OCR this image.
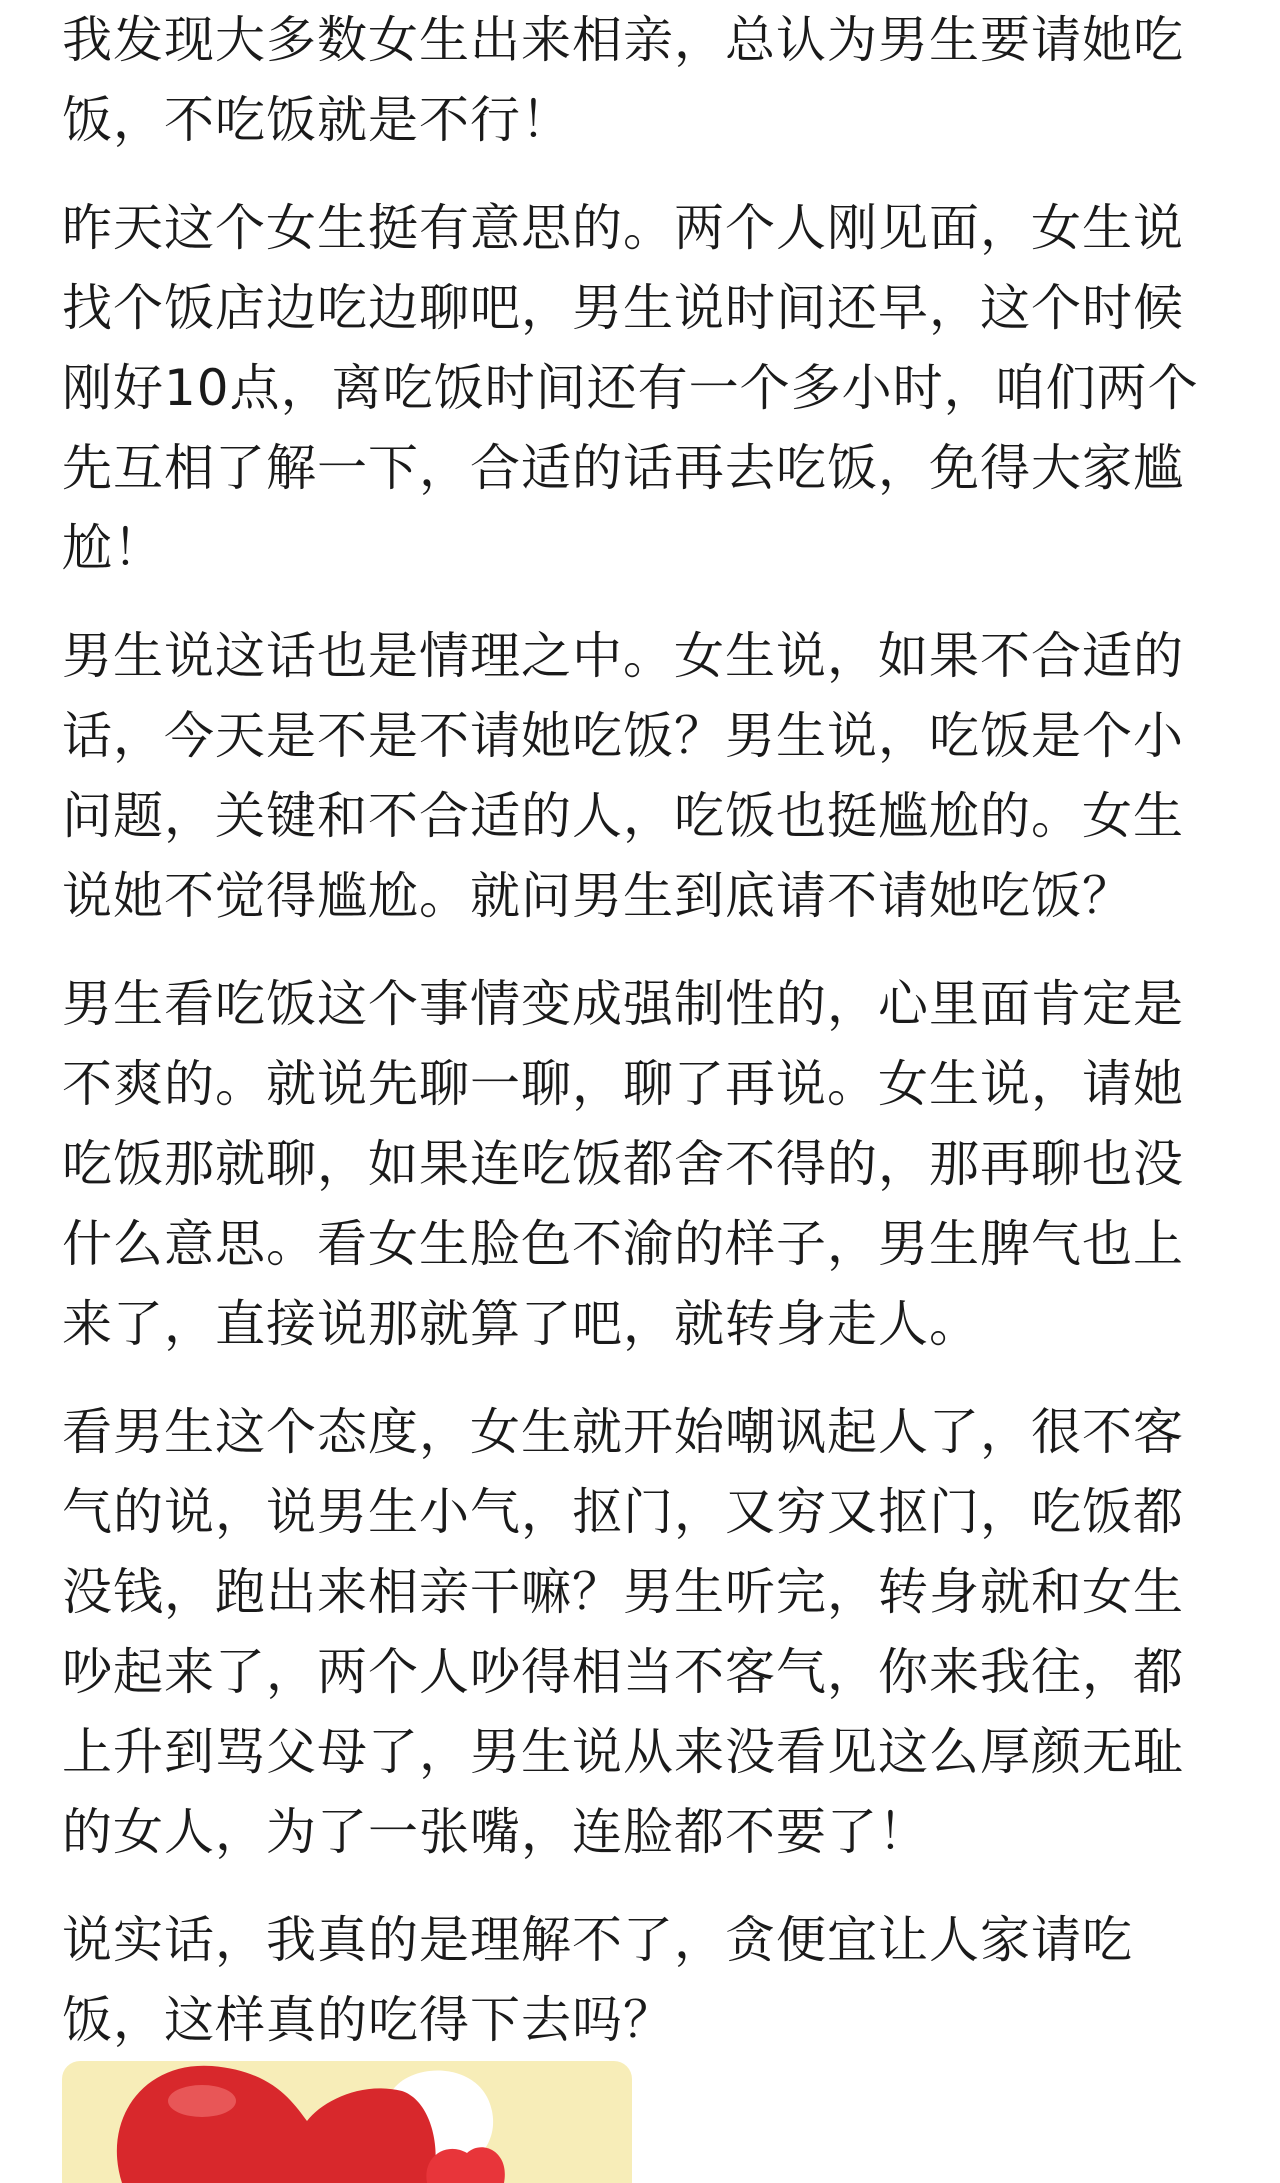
我发现大多数女生出来相亲，总认为男生要请她吃
饭，不吃饭就是不行！

昨天这个女生挺有意思的。两个人刚见面，女生说
找个饭店边吃边聊吧，男生说时间还早，这个时候
刚好10点，离吃饭时间还有一个多小时，咱们两个
先互相了解一下，合适的话再去吃饭，免得大家尴
尬！

男生说这话也是情理之中。女生说，如果不合适的
话，今天是不是不请她吃饭？男生说，吃饭是个小
问题，关键和不合适的人，吃饭也挺尴尬的。女生
说她不觉得尴尬。就问男生到底请不请她吃饭？

男生看吃饭这个事情变成强制性的，心里面肯定是
不爽的。就说先聊一聊，聊了再说。女生说，请她
吃饭那就聊，如果连吃饭都舍不得的，那再聊也没
什么意思。看女生脸色不渝的样子，男生脾气也上
来了，直接说那就算了吧，就转身走人。

看男生这个态度，女生就开始嘲讽起人了，很不客
气的说，说男生小气，抠门，又穷又抠门，吃饭都
没钱，跑出来相亲干嘛？男生听完，转身就和女生
吵起来了，两个人吵得相当不客气，你来我往，都
上升到骂父母了，男生说从来没看见这么厚颜无耻
的女人，为了一张嘴，连脸都不要了！

说实话，我真的是理解不了，贪便宜让人家请吃
饭，这样真的吃得下去吗？
